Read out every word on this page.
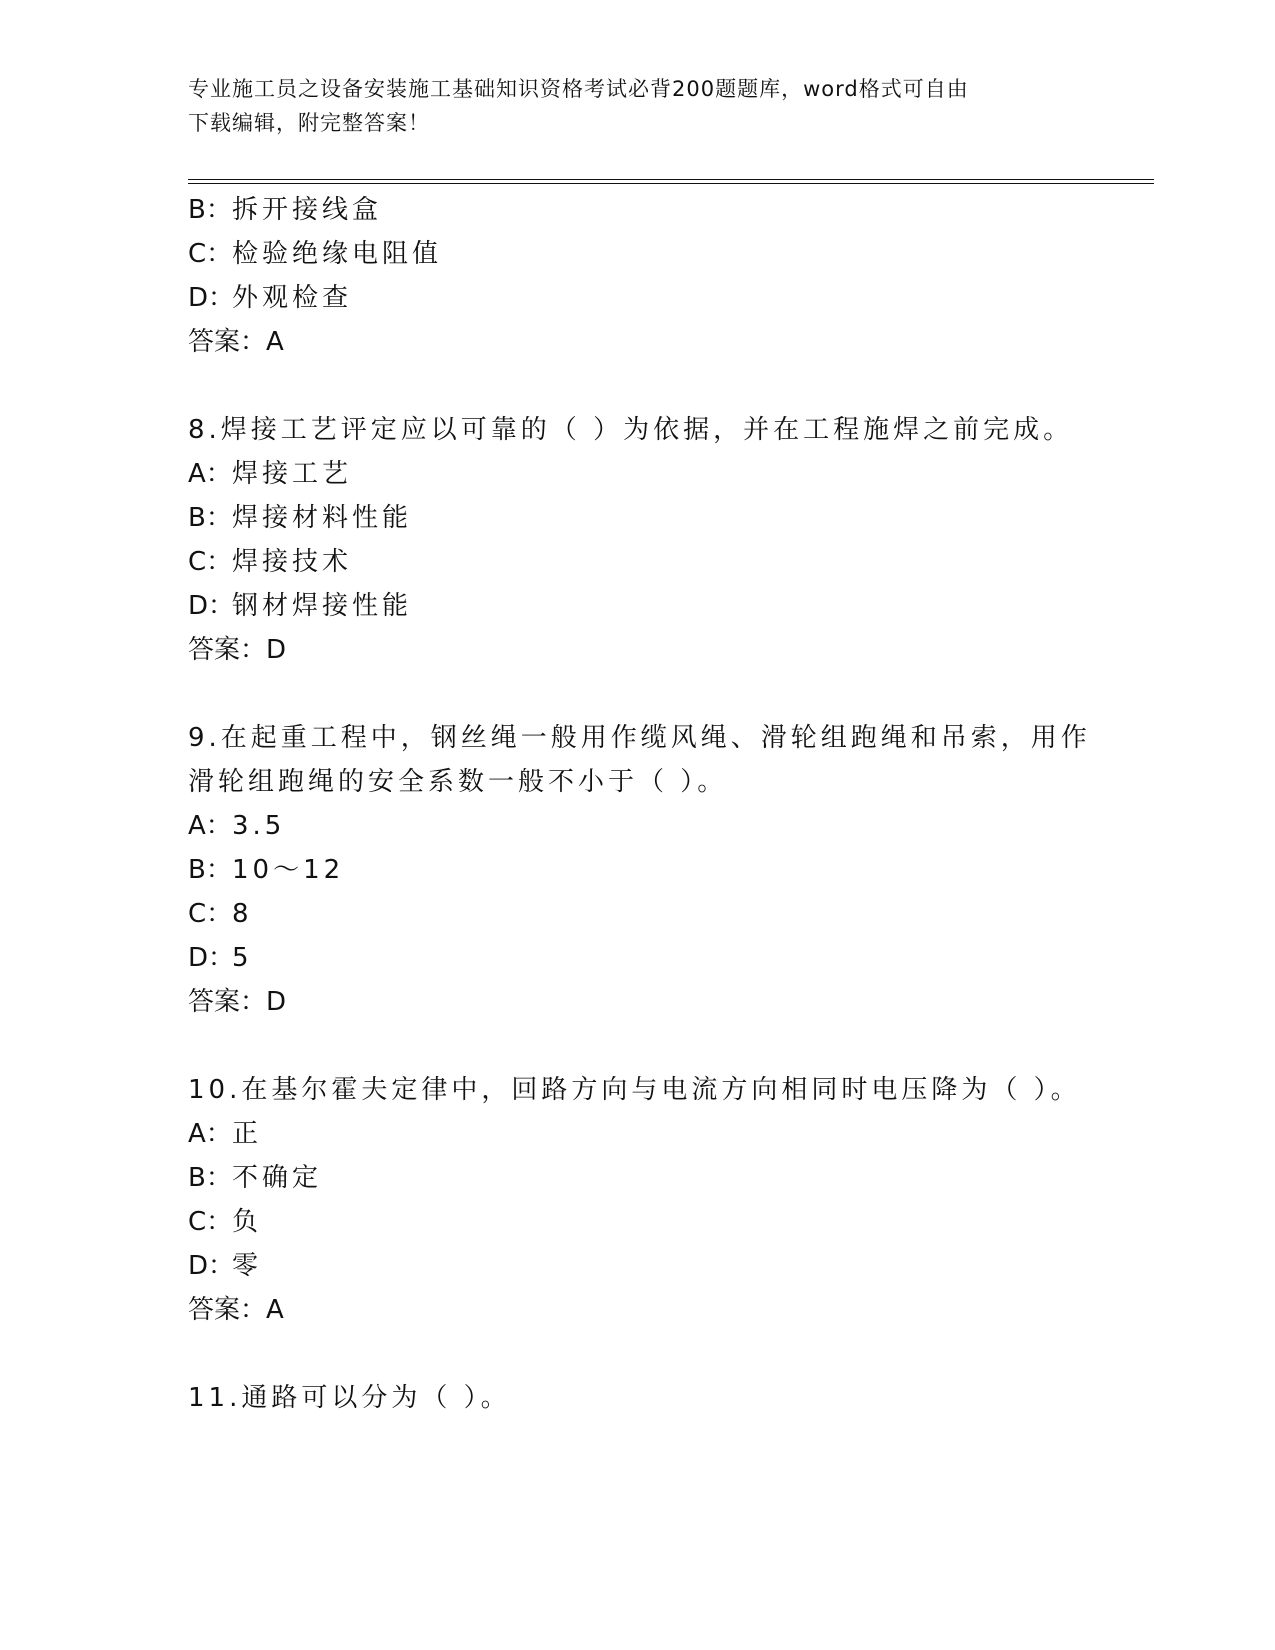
专业施工员之设备安装施工基础知识资格考试必背200题题库，word格式可自由
下载编辑，附完整答案！
B：拆开接线盒
C：检验绝缘电阻值
D：外观检查
答案：A
8.焊接工艺评定应以可靠的（ ）为依据，并在工程施焊之前完成。
A：焊接工艺
B：焊接材料性能
C：焊接技术
D：钢材焊接性能
答案：D
9.在起重工程中，钢丝绳一般用作缆风绳、滑轮组跑绳和吊索，用作
滑轮组跑绳的安全系数一般不小于（ ）。
A：3.5
B：10～12
C：8
D：5
答案：D
10.在基尔霍夫定律中，回路方向与电流方向相同时电压降为（ ）。
A：正
B：不确定
C：负
D：零
答案：A
11.通路可以分为（ ）。
